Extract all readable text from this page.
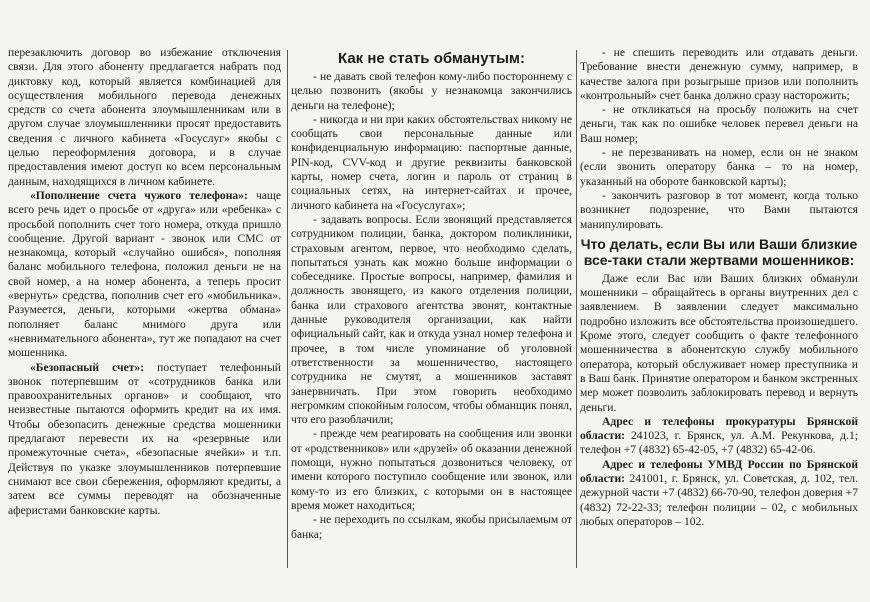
перезаключить договор во избежание отключения связи. Для этого абоненту предлагается набрать под диктовку код, который является комбинацией для осуществления мобильного перевода денежных средств со счета абонента злоумышленникам или в другом случае злоумышленники просят предоставить сведения с личного кабинета «Госуслуг» якобы с целью переоформления договора, и в случае предоставления имеют доступ ко всем персональным данным, находящихся в личном кабинете.

«Пополнение счета чужого телефона»: чаще всего речь идет о просьбе от «друга» или «ребенка» с просьбой пополнить счет того номера, откуда пришло сообщение. Другой вариант - звонок или СМС от незнакомца, который «случайно ошибся», пополняя баланс мобильного телефона, положил деньги не на свой номер, а на номер абонента, а теперь просит «вернуть» средства, пополнив счет его «мобильника». Разумеется, деньги, которыми «жертва обмана» пополняет баланс мнимого друга или «невнимательного абонента», тут же попадают на счет мошенника.

«Безопасный счет»: поступает телефонный звонок потерпевшим от «сотрудников банка или правоохранительных органов» и сообщают, что неизвестные пытаются оформить кредит на их имя. Чтобы обезопасить денежные средства мошенники предлагают перевести их на «резервные или промежуточные счета», «безопасные ячейки» и т.п. Действуя по указке злоумышленников потерпевшие снимают все свои сбережения, оформляют кредиты, а затем все суммы переводят на обозначенные аферистами банковские карты.

Как не стать обманутым:

- не давать свой телефон кому-либо постороннему с целью позвонить (якобы у незнакомца закончились деньги на телефоне);

- никогда и ни при каких обстоятельствах никому не сообщать свои персональные данные или конфиденциальную информацию: паспортные данные, PIN-код, CVV-код и другие реквизиты банковской карты, номер счета, логин и пароль от страниц в социальных сетях, на интернет-сайтах и прочее, личного кабинета на «Госуслугах»;

- задавать вопросы. Если звонящий представляется сотрудником полиции, банка, доктором поликлиники, страховым агентом, первое, что необходимо сделать, попытаться узнать как можно больше информации о собеседнике. Простые вопросы, например, фамилия и должность звонящего, из какого отделения полиции, банка или страхового агентства звонят, контактные данные руководителя организации, как найти официальный сайт, как и откуда узнал номер телефона и прочее, в том числе упоминание об уголовной ответственности за мошенничество, настоящего сотрудника не смутят, а мошенников заставят занервничать. При этом говорить необходимо негромким спокойным голосом, чтобы обманщик понял, что его разоблачили;

- прежде чем реагировать на сообщения или звонки от «родственников» или «друзей» об оказании денежной помощи, нужно попытаться дозвониться человеку, от имени которого поступило сообщение или звонок, или кому-то из его близких, с которыми он в настоящее время может находиться;

- не переходить по ссылкам, якобы присылаемым от банка;

- не спешить переводить или отдавать деньги. Требование внести денежную сумму, например, в качестве залога при розыгрыше призов или пополнить «контрольный» счет банка должно сразу насторожить;

- не откликаться на просьбу положить на счет деньги, так как по ошибке человек перевел деньги на Ваш номер;

- не перезванивать на номер, если он не знаком (если звонить оператору банка – то на номер, указанный на обороте банковской карты);

- закончить разговор в тот момент, когда только возникнет подозрение, что Вами пытаются манипулировать.

Что делать, если Вы или Ваши близкие все-таки стали жертвами мошенников:

Даже если Вас или Ваших близких обманули мошенники – обращайтесь в органы внутренних дел с заявлением. В заявлении следует максимально подробно изложить все обстоятельства произошедшего. Кроме этого, следует сообщить о факте телефонного мошенничества в абонентскую службу мобильного оператора, который обслуживает номер преступника и в Ваш банк. Принятие оператором и банком экстренных мер может позволить заблокировать перевод и вернуть деньги.

Адрес и телефоны прокуратуры Брянской области: 241023, г. Брянск, ул. А.М. Рекункова, д.1; телефон +7 (4832) 65-42-05, +7 (4832) 65-42-06.

Адрес и телефоны УМВД России по Брянской области: 241001, г. Брянск, ул. Советская, д. 102, тел. дежурной части +7 (4832) 66-70-90, телефон доверия +7 (4832) 72-22-33; телефон полиции – 02, с мобильных любых операторов – 102.
